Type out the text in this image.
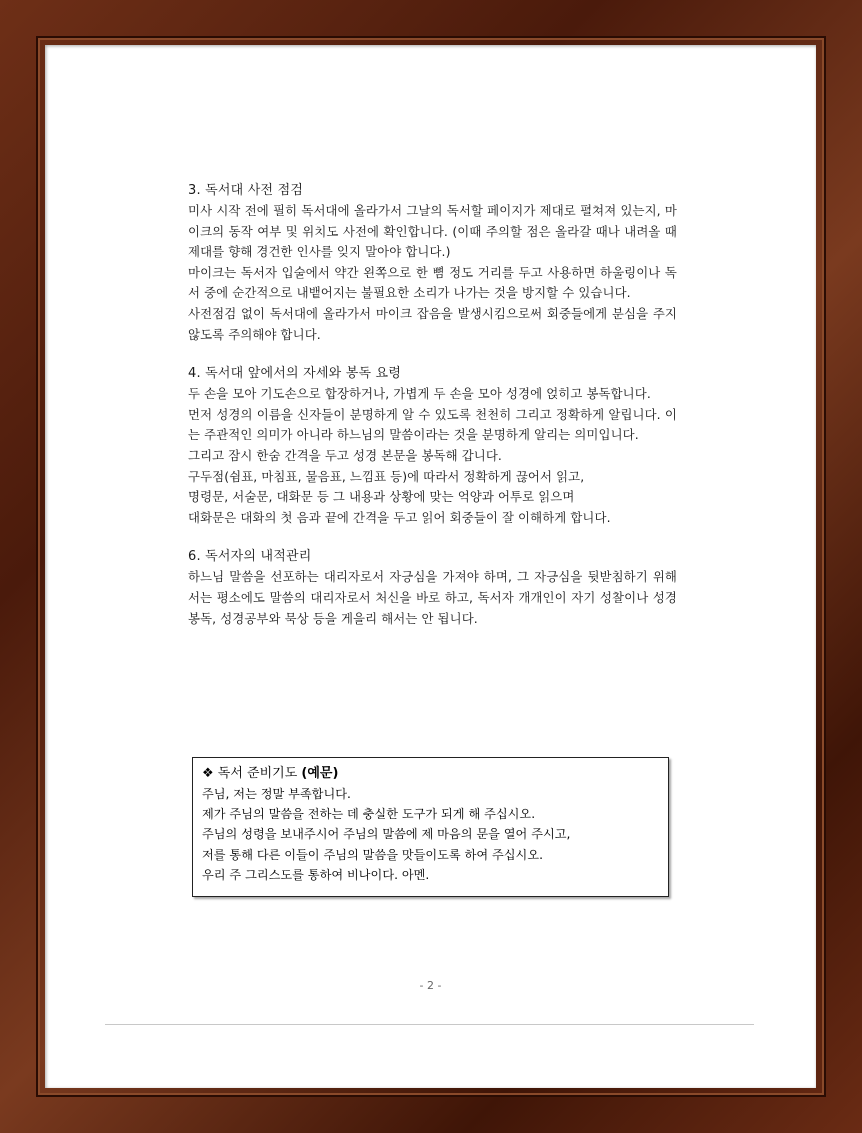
3. 독서대 사전 점검

미사 시작 전에 필히 독서대에 올라가서 그날의 독서할 페이지가 제대로 펼쳐져 있는지, 마이크의 동작 여부 및 위치도 사전에 확인합니다. (이때 주의할 점은 올라갈 때나 내려올 때 제대를 향해 경건한 인사를 잊지 말아야 합니다.)

마이크는 독서자 입술에서 약간 왼쪽으로 한 뼘 정도 거리를 두고 사용하면 하울링이나 독서 중에 순간적으로 내뱉어지는 불필요한 소리가 나가는 것을 방지할 수 있습니다.

사전점검 없이 독서대에 올라가서 마이크 잡음을 발생시킴으로써 회중들에게 분심을 주지 않도록 주의해야 합니다.

4. 독서대 앞에서의 자세와 봉독 요령

두 손을 모아 기도손으로 합장하거나, 가볍게 두 손을 모아 성경에 얹히고 봉독합니다.

먼저 성경의 이름을 신자들이 분명하게 알 수 있도록 천천히 그리고 정확하게 알립니다. 이는 주관적인 의미가 아니라 하느님의 말씀이라는 것을 분명하게 알리는 의미입니다.

그리고 잠시 한숨 간격을 두고 성경 본문을 봉독해 갑니다.

구두점(쉼표, 마침표, 물음표, 느낌표 등)에 따라서 정확하게 끊어서 읽고,

명령문, 서술문, 대화문 등 그 내용과 상황에 맞는 억양과 어투로 읽으며

대화문은 대화의 첫 음과 끝에 간격을 두고 읽어 회중들이 잘 이해하게 합니다.

6. 독서자의 내적관리

하느님 말씀을 선포하는 대리자로서 자긍심을 가져야 하며, 그 자긍심을 뒷받침하기 위해서는 평소에도 말씀의 대리자로서 처신을 바로 하고, 독서자 개개인이 자기 성찰이나 성경봉독, 성경공부와 묵상 등을 게을리 해서는 안 됩니다.

❖ 독서 준비기도 (예문)

주님, 저는 정말 부족합니다.

제가 주님의 말씀을 전하는 데 충실한 도구가 되게 해 주십시오.

주님의 성령을 보내주시어 주님의 말씀에 제 마음의 문을 열어 주시고,

저를 통해 다른 이들이 주님의 말씀을 맛들이도록 하여 주십시오.

우리 주 그리스도를 통하여 비나이다. 아멘.

- 2 -
